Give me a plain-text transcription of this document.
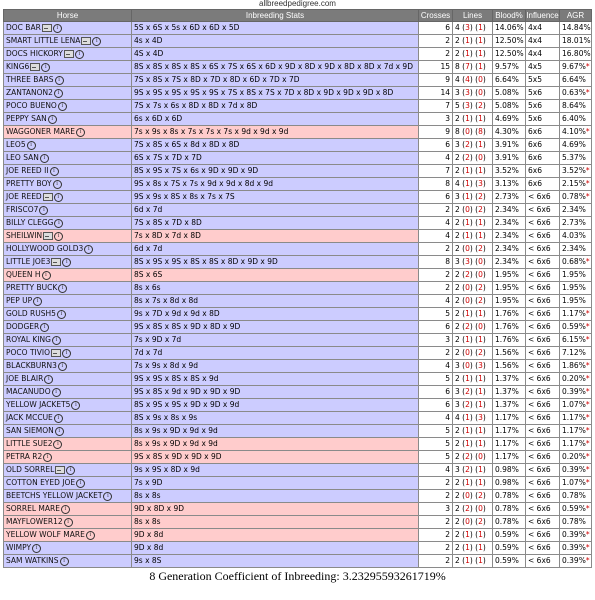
allbreedpedigree.com
Horse	Inbreeding Stats	Crosses	Lines	Blood%	Influence	AGR
DOC BAR i	5S x 6S x 5s x 6D x 6D x 5D	6	4 (3) (1)	14.06%	4x4	14.84%
SMART LITTLE LENA i	4s x 4D	2	2 (1) (1)	12.50%	4x4	18.01%
DOCS HICKORY i	4S x 4D	2	2 (1) (1)	12.50%	4x4	16.80%
KING6 i	8S x 8S x 8S x 8S x 6S x 7S x 6S x 6D x 9D x 8D x 9D x 8D x 8D x 7d x 9D	15	8 (7) (1)	9.57%	4x5	9.67%*
THREE BARS i	7S x 8S x 7S x 8D x 7D x 8D x 6D x 7D x 7D	9	4 (4) (0)	6.64%	5x5	6.64%
ZANTANON2 i	9S x 9S x 9S x 9S x 9S x 7S x 8S x 7S x 7D x 8D x 9D x 9D x 9D x 8D	14	3 (3) (0)	5.08%	5x6	0.63%*
POCO BUENO i	7S x 7s x 6s x 8D x 8D x 7d x 8D	7	5 (3) (2)	5.08%	5x6	8.64%
PEPPY SAN i	6s x 6D x 6D	3	2 (1) (1)	4.69%	5x6	6.40%
WAGGONER MARE i	7s x 9s x 8s x 7s x 7s x 7s x 9d x 9d x 9d	9	8 (0) (8)	4.30%	6x6	4.10%*
LEO5 i	7S x 8S x 6S x 8d x 8D x 8D	6	3 (2) (1)	3.91%	6x6	4.69%
LEO SAN i	6S x 7S x 7D x 7D	4	2 (2) (0)	3.91%	6x6	5.37%
JOE REED II i	8S x 9S x 7S x 6s x 9D x 9D x 9D	7	2 (1) (1)	3.52%	6x6	3.52%*
PRETTY BOY i	9S x 8s x 7S x 7s x 9d x 9d x 8d x 9d	8	4 (1) (3)	3.13%	6x6	2.15%*
JOE REED i	9S x 9s x 8S x 8s x 7s x 7S	6	3 (1) (2)	2.73%	< 6x6	0.78%*
FRISCO7 i	6d x 7d	2	2 (0) (2)	2.34%	< 6x6	2.34%
BILLY CLEGG i	7S x 8S x 7D x 8D	4	2 (1) (1)	2.34%	< 6x6	2.73%
SHEILWIN i	7s x 8D x 7d x 8D	4	2 (1) (1)	2.34%	< 6x6	4.03%
HOLLYWOOD GOLD3 i	6d x 7d	2	2 (0) (2)	2.34%	< 6x6	2.34%
LITTLE JOE3 i	8S x 9S x 9S x 8S x 8S x 8D x 9D x 9D	8	3 (3) (0)	2.34%	< 6x6	0.68%*
QUEEN H i	8S x 6S	2	2 (2) (0)	1.95%	< 6x6	1.95%
PRETTY BUCK i	8s x 6s	2	2 (0) (2)	1.95%	< 6x6	1.95%
PEP UP i	8s x 7s x 8d x 8d	4	2 (0) (2)	1.95%	< 6x6	1.95%
GOLD RUSH5 i	9s x 7D x 9d x 9d x 8D	5	2 (1) (1)	1.76%	< 6x6	1.17%*
DODGER i	9S x 8S x 8S x 9D x 8D x 9D	6	2 (2) (0)	1.76%	< 6x6	0.59%*
ROYAL KING i	7s x 9D x 7d	3	2 (1) (1)	1.76%	< 6x6	6.15%*
POCO TIVIO i	7d x 7d	2	2 (0) (2)	1.56%	< 6x6	7.12%
BLACKBURN3 i	7s x 9s x 8d x 9d	4	3 (0) (3)	1.56%	< 6x6	1.86%*
JOE BLAIR i	9S x 9S x 8S x 8S x 9d	5	2 (1) (1)	1.37%	< 6x6	0.20%*
MACANUDO i	9S x 8S x 9d x 9D x 9D x 9D	6	3 (2) (1)	1.37%	< 6x6	0.39%*
YELLOW JACKET5 i	8S x 9S x 9S x 9D x 9D x 9d	6	3 (2) (1)	1.37%	< 6x6	1.07%*
JACK MCCUE i	8S x 9s x 8s x 9s	4	4 (1) (3)	1.17%	< 6x6	1.17%*
SAN SIEMON i	8s x 9s x 9D x 9d x 9d	5	2 (1) (1)	1.17%	< 6x6	1.17%*
LITTLE SUE2 i	8s x 9s x 9D x 9d x 9d	5	2 (1) (1)	1.17%	< 6x6	1.17%*
PETRA R2 i	9S x 8S x 9D x 9D x 9D	5	2 (2) (0)	1.17%	< 6x6	0.20%*
OLD SORREL i	9s x 9S x 8D x 9d	4	3 (2) (1)	0.98%	< 6x6	0.39%*
COTTON EYED JOE i	7s x 9D	2	2 (1) (1)	0.98%	< 6x6	1.07%*
BEETCHS YELLOW JACKET i	8s x 8s	2	2 (0) (2)	0.78%	< 6x6	0.78%
SORREL MARE i	9D x 8D x 9D	3	2 (2) (0)	0.78%	< 6x6	0.59%*
MAYFLOWER12 i	8s x 8s	2	2 (0) (2)	0.78%	< 6x6	0.78%
YELLOW WOLF MARE i	9D x 8d	2	2 (1) (1)	0.59%	< 6x6	0.39%*
WIMPY i	9D x 8d	2	2 (1) (1)	0.59%	< 6x6	0.39%*
SAM WATKINS i	9s x 8S	2	2 (1) (1)	0.59%	< 6x6	0.39%*
8 Generation Coefficient of Inbreeding: 3.23295593261719%
